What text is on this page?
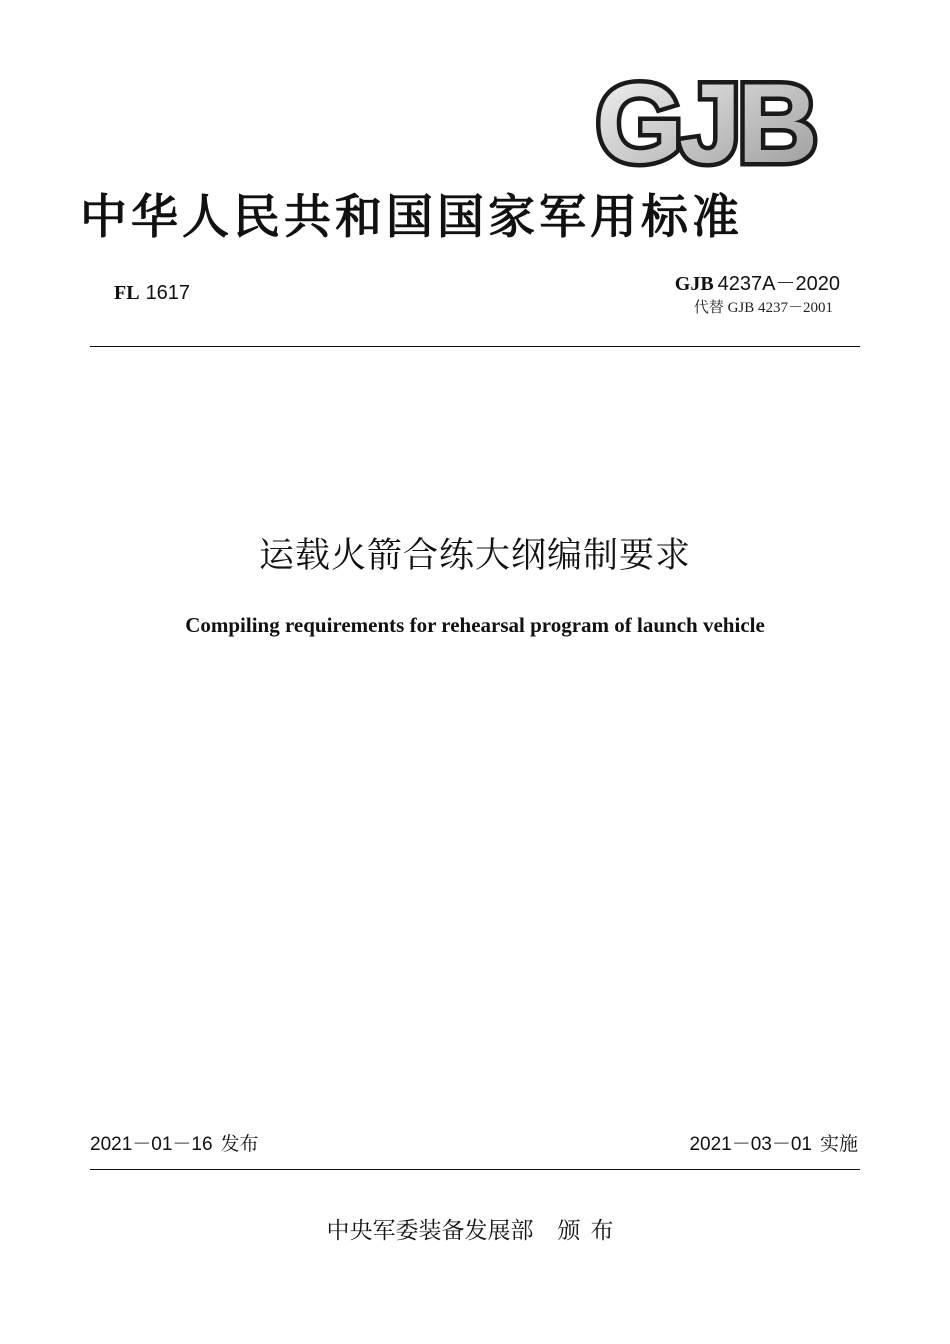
GJB
中华人民共和国国家军用标准
FL 1617	GJB 4237A－2020
代替 GJB 4237－2001
运载火箭合练大纲编制要求
Compiling requirements for rehearsal program of launch vehicle
2021－01－16 发布	2021－03－01 实施
中央军委装备发展部 颁布
